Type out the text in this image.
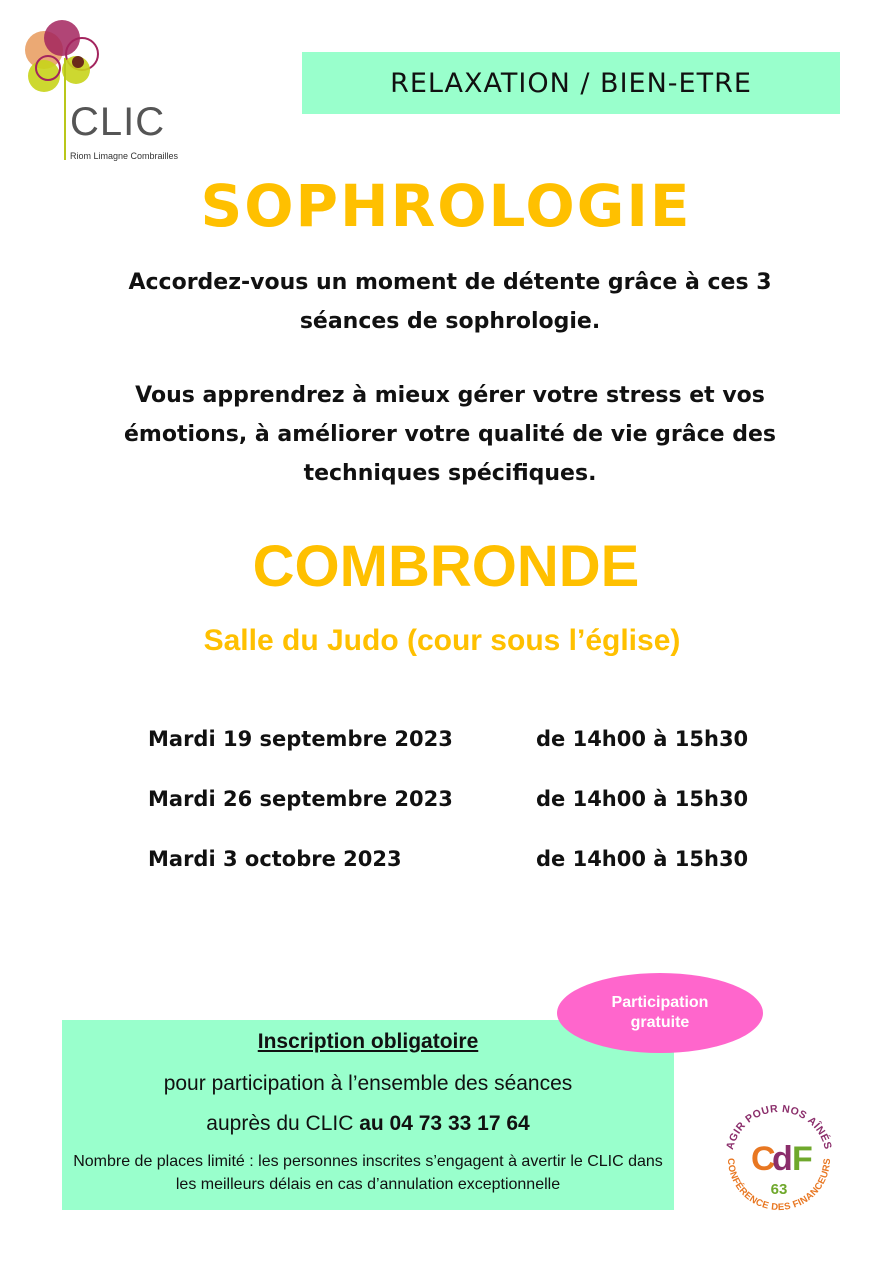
CLIC
Riom Limagne Combrailles
RELAXATION / BIEN-ETRE
SOPHROLOGIE
Accordez-vous un moment de détente grâce à ces 3 séances de sophrologie.
Vous apprendrez à mieux gérer votre stress et vos émotions, à améliorer votre qualité de vie grâce des techniques spécifiques.
COMBRONDE
Salle du Judo (cour sous l’église)
Mardi 19 septembre 2023	de 14h00 à 15h30
Mardi 26 septembre 2023	de 14h00 à 15h30
Mardi 3 octobre 2023	de 14h00 à 15h30
Inscription obligatoire
pour participation à l’ensemble des séances
auprès du CLIC au 04 73 33 17 64
Nombre de places limité : les personnes inscrites s’engagent à avertir le CLIC dans les meilleurs délais en cas d’annulation exceptionnelle
Participation
gratuite
AGIR POUR NOS AÎNÉS
CONFÉRENCE DES FINANCEURS
C
d F
63
